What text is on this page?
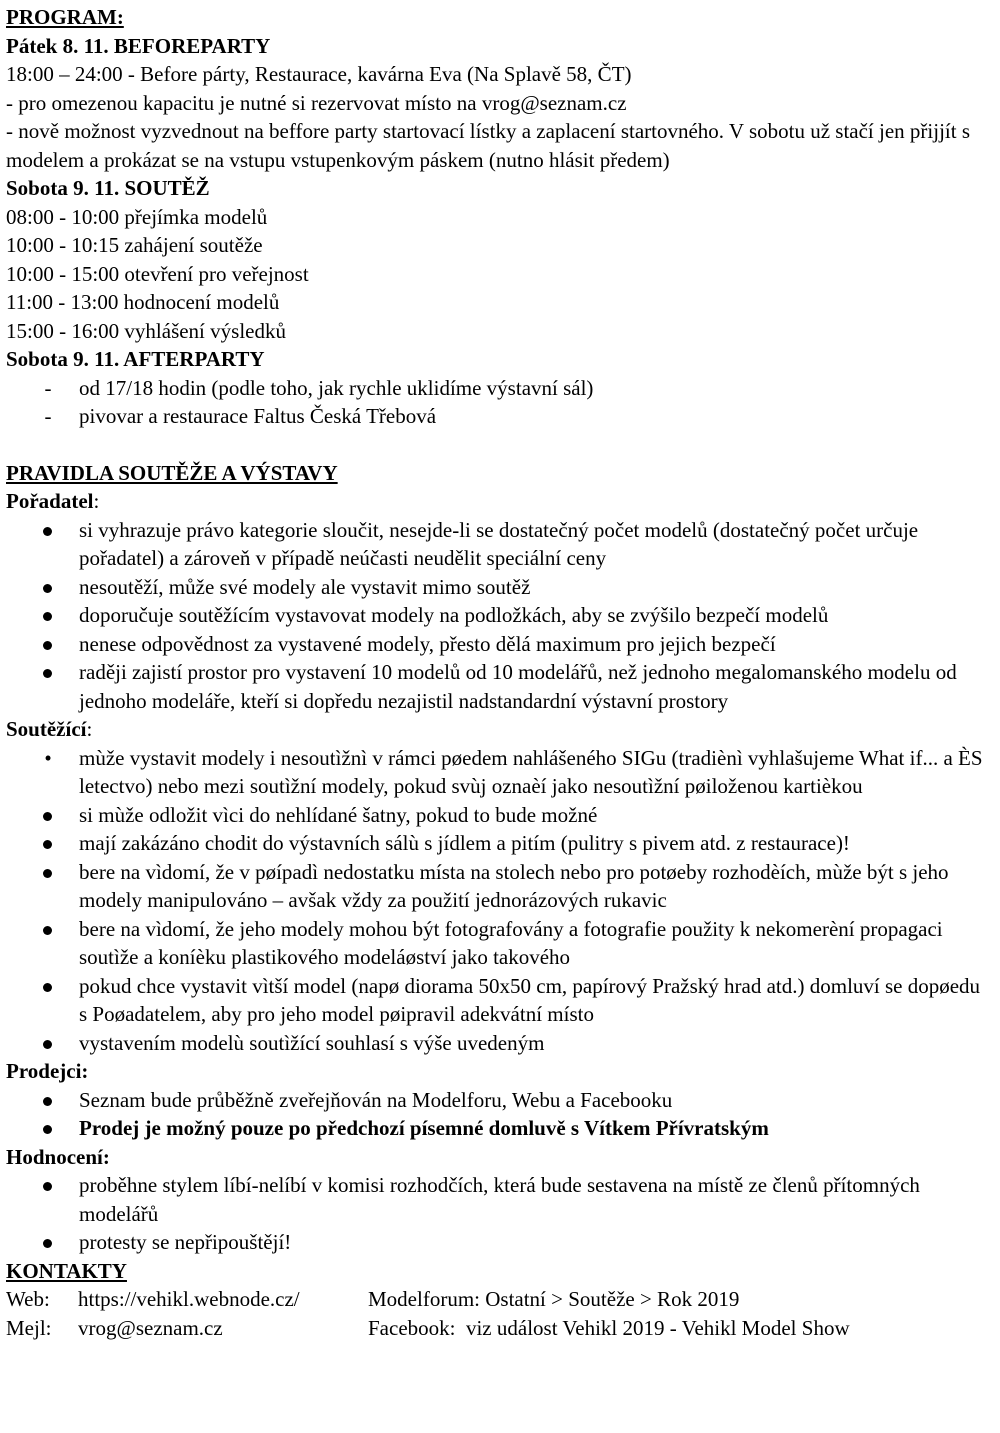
PROGRAM:
Pátek 8. 11. BEFOREPARTY
18:00 – 24:00 - Before párty, Restaurace, kavárna Eva (Na Splavě 58, ČT)
- pro omezenou kapacitu je nutné si rezervovat místo na vrog@seznam.cz
- nově možnost vyzvednout na beffore party startovací lístky a zaplacení startovného. V sobotu už stačí jen přijjít s modelem a prokázat se na vstupu vstupenkovým páskem (nutno hlásit předem)
Sobota 9. 11. SOUTĚŽ
08:00 - 10:00 přejímka modelů
10:00 - 10:15 zahájení soutěže
10:00 - 15:00 otevření pro veřejnost
11:00 - 13:00 hodnocení modelů
15:00 - 16:00 vyhlášení výsledků
Sobota 9. 11. AFTERPARTY
-	od 17/18 hodin (podle toho, jak rychle uklidíme výstavní sál)
-	pivovar a restaurace Faltus Česká Třebová
PRAVIDLA SOUTĚŽE A VÝSTAVY
Pořadatel:
si vyhrazuje právo kategorie sloučit, nesejde-li se dostatečný počet modelů (dostatečný počet určuje pořadatel) a zároveň v případě neúčasti neudělit speciální ceny
nesoutěží, může své modely ale vystavit mimo soutěž
doporučuje soutěžícím vystavovat modely na podložkách, aby se zvýšilo bezpečí modelů
nenese odpovědnost za vystavené modely, přesto dělá maximum pro jejich bezpečí
raději zajistí prostor pro vystavení 10 modelů od 10 modelářů, než jednoho megalomanského modelu od jednoho modeláře, kteří si dopředu nezajistil nadstandardní výstavní prostory
Soutěžící:
•	mùže vystavit modely i nesoutìžnì v rámci pøedem nahlášeného SIGu (tradiènì vyhlašujeme What if... a ÈS letectvo) nebo mezi soutìžní modely, pokud svùj oznaèí jako nesoutìžní pøiloženou kartièkou
si mùže odložit vìci do nehlídané šatny, pokud to bude možné
mají zakázáno chodit do výstavních sálù s jídlem a pitím (pulitry s pivem atd. z restaurace)!
bere na vìdomí, že v pøípadì nedostatku místa na stolech nebo pro potøeby rozhodèích, mùže být s jeho modely manipulováno – avšak vždy za použití jednorázových rukavic
bere na vìdomí, že jeho modely mohou být fotografovány a fotografie použity k nekomerèní propagaci soutìže a koníèku plastikového modeláøství jako takového
pokud chce vystavit vìtší model (napø diorama 50x50 cm, papírový Pražský hrad atd.) domluví se dopøedu s Poøadatelem, aby pro jeho model pøipravil adekvátní místo
vystavením modelù soutìžící souhlasí s výše uvedeným
Prodejci:
Seznam bude průběžně zveřejňován na Modelforu, Webu a Facebooku
Prodej je možný pouze po předchozí písemné domluvě s Vítkem Přívratským
Hodnocení:
proběhne stylem líbí-nelíbí v komisi rozhodčích, která bude sestavena na místě ze členů přítomných modelářů
protesty se nepřipouštějí!
KONTAKTY
Web:	https://vehikl.webnode.cz/	Modelforum: Ostatní > Soutěže > Rok 2019
Mejl:	vrog@seznam.cz	Facebook:  viz událost Vehikl 2019 - Vehikl Model Show
